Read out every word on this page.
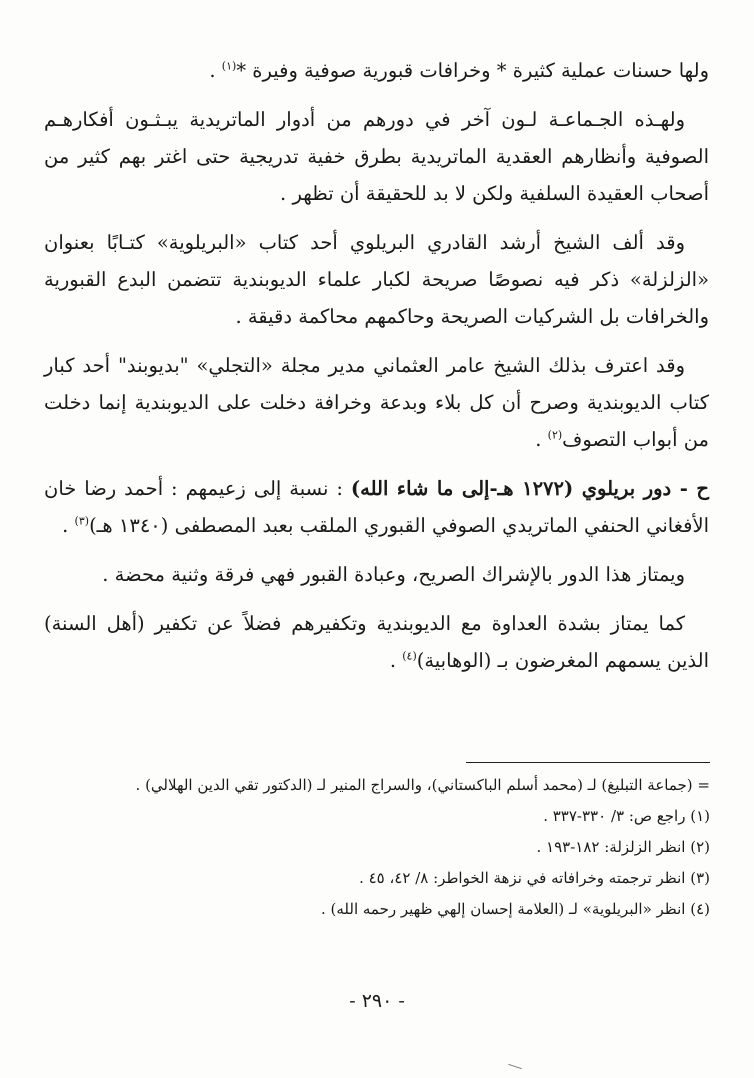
ولها حسنات عملية كثيرة * وخرافات قبورية صوفية وفيرة *$^{(١)}$ .

ولهـذه الجـماعـة لـون آخر في دورهم من أدوار الماتريدية يبـثـون أفكارهـم الصوفية وأنظارهم العقدية الماتريدية بطرق خفية تدريجية حتى اغتر بهم كثير من أصحاب العقيدة السلفية ولكن لا بد للحقيقة أن تظهر .

وقد ألف الشيخ أرشد القادري البريلوي أحد كتاب «البريلوية» كتـابًا بعنوان «الزلزلة» ذكر فيه نصوصًا صريحة لكبار علماء الديوبندية تتضمن البدع القبورية والخرافات بل الشركيات الصريحة وحاكمهم محاكمة دقيقة .

وقد اعترف بذلك الشيخ عامر العثماني مدير مجلة «التجلي» "بديوبند" أحد كبار كتاب الديوبندية وصرح أن كل بلاء وبدعة وخرافة دخلت على الديوبندية إنما دخلت من أبواب التصوف$^{(٢)}$ .

ح - دور بريلوي (١٢٧٢ هـ-إلى ما شاء الله) : نسبة إلى زعيمهم : أحمد رضا خان الأفغاني الحنفي الماتريدي الصوفي القبوري الملقب بعبد المصطفى (١٣٤٠ هـ)$^{(٣)}$ .

ويمتاز هذا الدور بالإشراك الصريح، وعبادة القبور فهي فرقة وثنية محضة .

كما يمتاز بشدة العداوة مع الديوبندية وتكفيرهم فضلاً عن تكفير (أهل السنة) الذين يسمهم المغرضون بـ (الوهابية)$^{(٤)}$ .

= (جماعة التبليغ) لـ (محمد أسلم الباكستاني)، والسراج المنير لـ (الدكتور تقي الدين الهلالي) .

(١) راجع ص: ٣/ ٣٣٠-٣٣٧ .

(٢) انظر الزلزلة: ١٨٢-١٩٣ .

(٣) انظر ترجمته وخرافاته في نزهة الخواطر: ٨/ ٤٢، ٤٥ .

(٤) انظر «البريلوية» لـ (العلامة إحسان إلهي ظهير رحمه الله) .

- ٢٩٠ -
